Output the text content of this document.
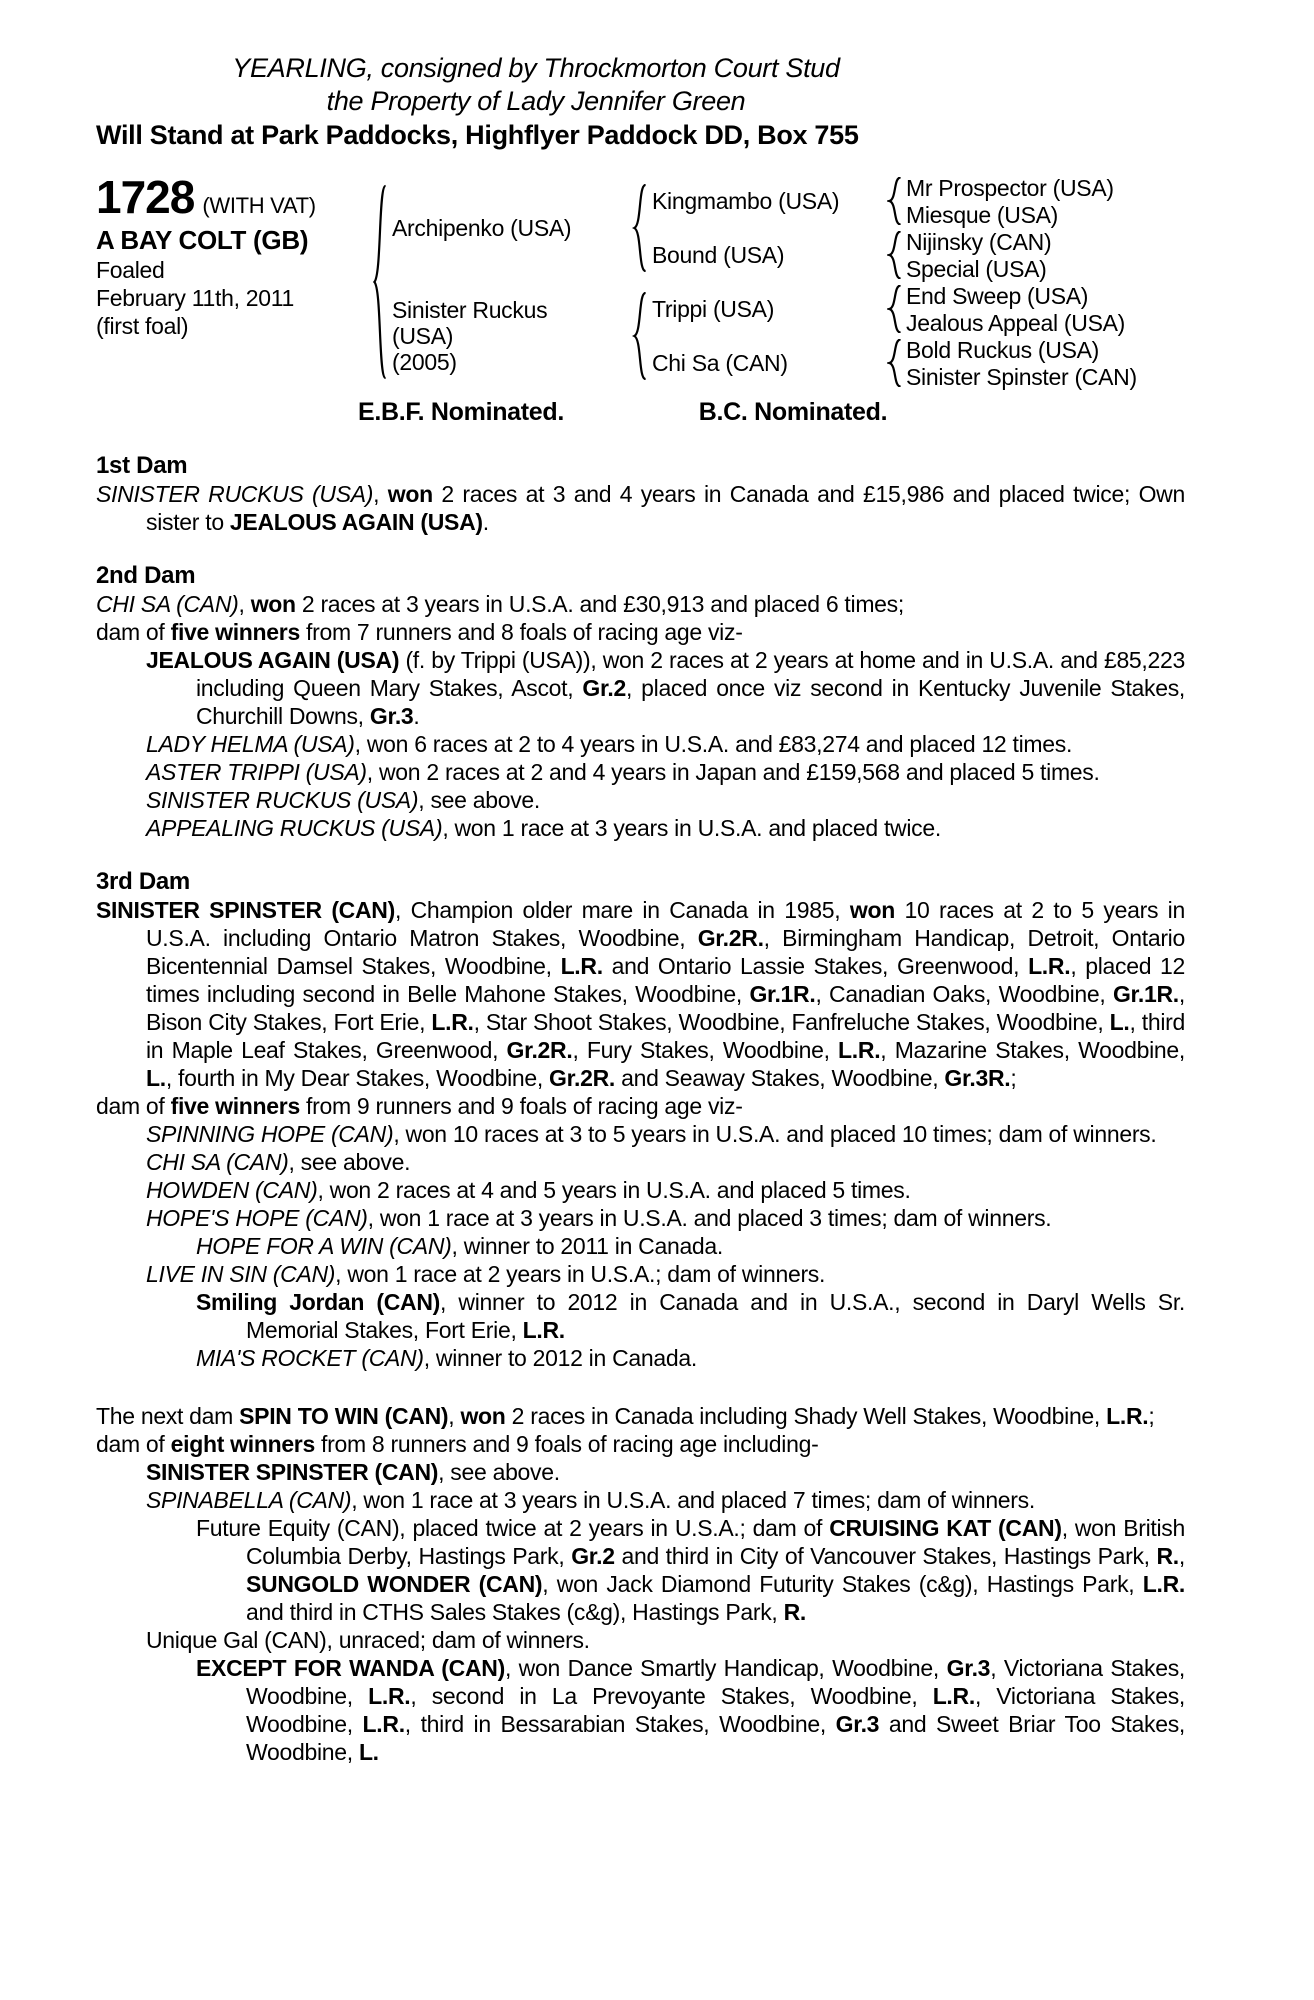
YEARLING, consigned by Throckmorton Court Stud
the Property of Lady Jennifer Green
Will Stand at Park Paddocks, Highflyer Paddock DD, Box 755
1728 (WITH VAT)
A BAY COLT (GB)
Foaled
February 11th, 2011
(first foal)
Archipenko (USA)
Sinister Ruckus
(USA)
(2005)
Kingmambo (USA)
Bound (USA)
Trippi (USA)
Chi Sa (CAN)
Mr Prospector (USA)
Miesque (USA)
Nijinsky (CAN)
Special (USA)
End Sweep (USA)
Jealous Appeal (USA)
Bold Ruckus (USA)
Sinister Spinster (CAN)
E.B.F. Nominated.	B.C. Nominated.
1st Dam

SINISTER RUCKUS (USA), won 2 races at 3 and 4 years in Canada and £15,986 and placed twice; Own sister to JEALOUS AGAIN (USA).

2nd Dam

CHI SA (CAN), won 2 races at 3 years in U.S.A. and £30,913 and placed 6 times;

dam of five winners from 7 runners and 8 foals of racing age viz-

JEALOUS AGAIN (USA) (f. by Trippi (USA)), won 2 races at 2 years at home and in U.S.A. and £85,223 including Queen Mary Stakes, Ascot, Gr.2, placed once viz second in Kentucky Juvenile Stakes, Churchill Downs, Gr.3.

LADY HELMA (USA), won 6 races at 2 to 4 years in U.S.A. and £83,274 and placed 12 times.

ASTER TRIPPI (USA), won 2 races at 2 and 4 years in Japan and £159,568 and placed 5 times.

SINISTER RUCKUS (USA), see above.

APPEALING RUCKUS (USA), won 1 race at 3 years in U.S.A. and placed twice.

3rd Dam

SINISTER SPINSTER (CAN), Champion older mare in Canada in 1985, won 10 races at 2 to 5 years in U.S.A. including Ontario Matron Stakes, Woodbine, Gr.2R., Birmingham Handicap, Detroit, Ontario Bicentennial Damsel Stakes, Woodbine, L.R. and Ontario Lassie Stakes, Greenwood, L.R., placed 12 times including second in Belle Mahone Stakes, Woodbine, Gr.1R., Canadian Oaks, Woodbine, Gr.1R., Bison City Stakes, Fort Erie, L.R., Star Shoot Stakes, Woodbine, Fanfreluche Stakes, Woodbine, L., third in Maple Leaf Stakes, Greenwood, Gr.2R., Fury Stakes, Woodbine, L.R., Mazarine Stakes, Woodbine, L., fourth in My Dear Stakes, Woodbine, Gr.2R. and Seaway Stakes, Woodbine, Gr.3R.;

dam of five winners from 9 runners and 9 foals of racing age viz-

SPINNING HOPE (CAN), won 10 races at 3 to 5 years in U.S.A. and placed 10 times; dam of winners.

CHI SA (CAN), see above.

HOWDEN (CAN), won 2 races at 4 and 5 years in U.S.A. and placed 5 times.

HOPE'S HOPE (CAN), won 1 race at 3 years in U.S.A. and placed 3 times; dam of winners.

HOPE FOR A WIN (CAN), winner to 2011 in Canada.

LIVE IN SIN (CAN), won 1 race at 2 years in U.S.A.; dam of winners.

Smiling Jordan (CAN), winner to 2012 in Canada and in U.S.A., second in Daryl Wells Sr. Memorial Stakes, Fort Erie, L.R.

MIA'S ROCKET (CAN), winner to 2012 in Canada.

The next dam SPIN TO WIN (CAN), won 2 races in Canada including Shady Well Stakes, Woodbine, L.R.;

dam of eight winners from 8 runners and 9 foals of racing age including-

SINISTER SPINSTER (CAN), see above.

SPINABELLA (CAN), won 1 race at 3 years in U.S.A. and placed 7 times; dam of winners.

Future Equity (CAN), placed twice at 2 years in U.S.A.; dam of CRUISING KAT (CAN), won British Columbia Derby, Hastings Park, Gr.2 and third in City of Vancouver Stakes, Hastings Park, R., SUNGOLD WONDER (CAN), won Jack Diamond Futurity Stakes (c&g), Hastings Park, L.R. and third in CTHS Sales Stakes (c&g), Hastings Park, R.

Unique Gal (CAN), unraced; dam of winners.

EXCEPT FOR WANDA (CAN), won Dance Smartly Handicap, Woodbine, Gr.3, Victoriana Stakes, Woodbine, L.R., second in La Prevoyante Stakes, Woodbine, L.R., Victoriana Stakes, Woodbine, L.R., third in Bessarabian Stakes, Woodbine, Gr.3 and Sweet Briar Too Stakes, Woodbine, L.
